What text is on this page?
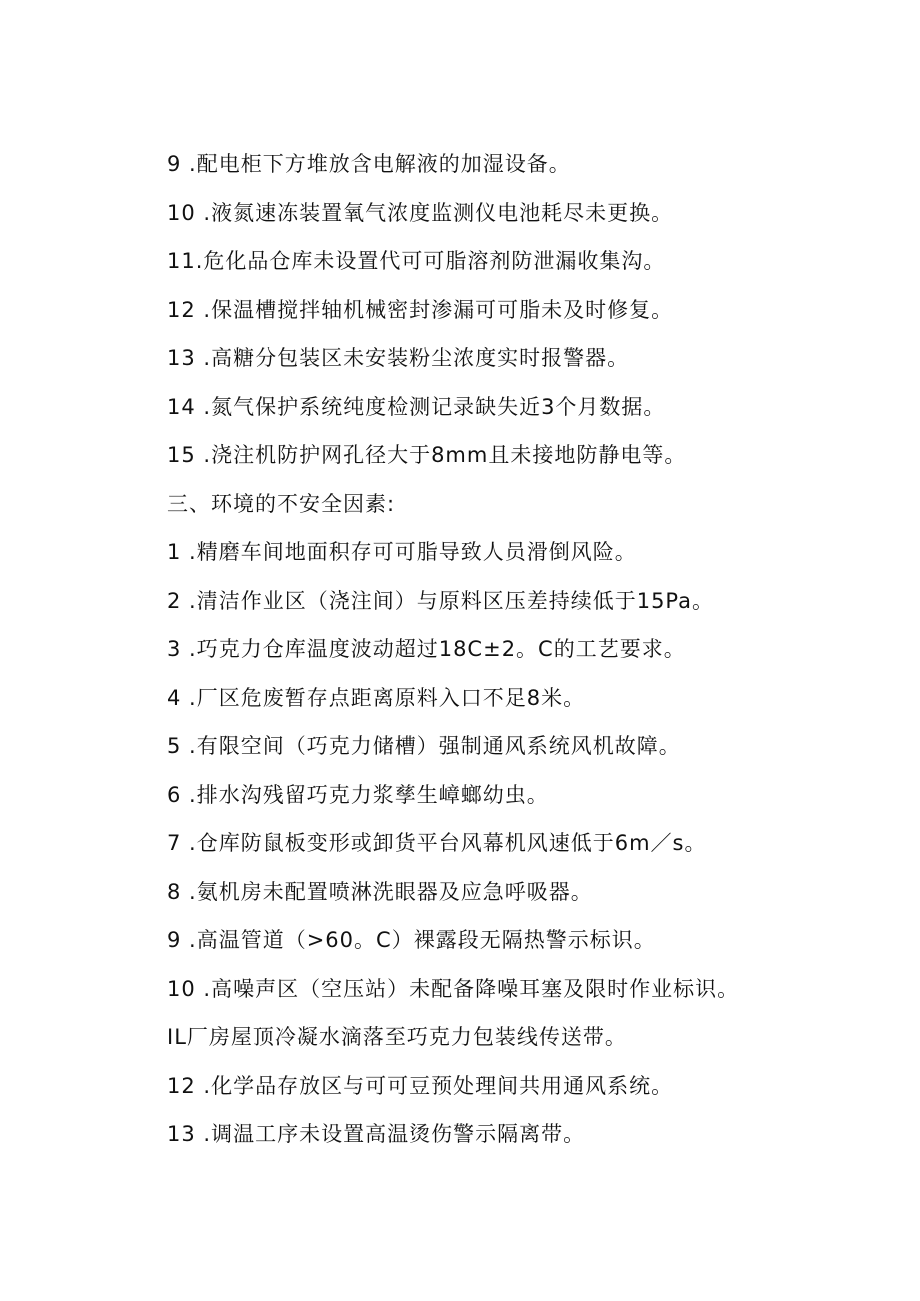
9 .配电柜下方堆放含电解液的加湿设备。
10 .液氮速冻装置氧气浓度监测仪电池耗尽未更换。
11.危化品仓库未设置代可可脂溶剂防泄漏收集沟。
12 .保温槽搅拌轴机械密封渗漏可可脂未及时修复。
13 .高糖分包装区未安装粉尘浓度实时报警器。
14 .氮气保护系统纯度检测记录缺失近3个月数据。
15 .浇注机防护网孔径大于8mm且未接地防静电等。
三、环境的不安全因素:
1 .精磨车间地面积存可可脂导致人员滑倒风险。
2 .清洁作业区（浇注间）与原料区压差持续低于15Pa。
3 .巧克力仓库温度波动超过18C±2。C的工艺要求。
4 .厂区危废暂存点距离原料入口不足8米。
5 .有限空间（巧克力储槽）强制通风系统风机故障。
6 .排水沟残留巧克力浆孳生嶂螂幼虫。
7 .仓库防鼠板变形或卸货平台风幕机风速低于6m／s。
8 .氨机房未配置喷淋洗眼器及应急呼吸器。
9 .高温管道（>60。C）裸露段无隔热警示标识。
10 .高噪声区（空压站）未配备降噪耳塞及限时作业标识。
IL厂房屋顶冷凝水滴落至巧克力包装线传送带。
12 .化学品存放区与可可豆预处理间共用通风系统。
13 .调温工序未设置高温烫伤警示隔离带。
